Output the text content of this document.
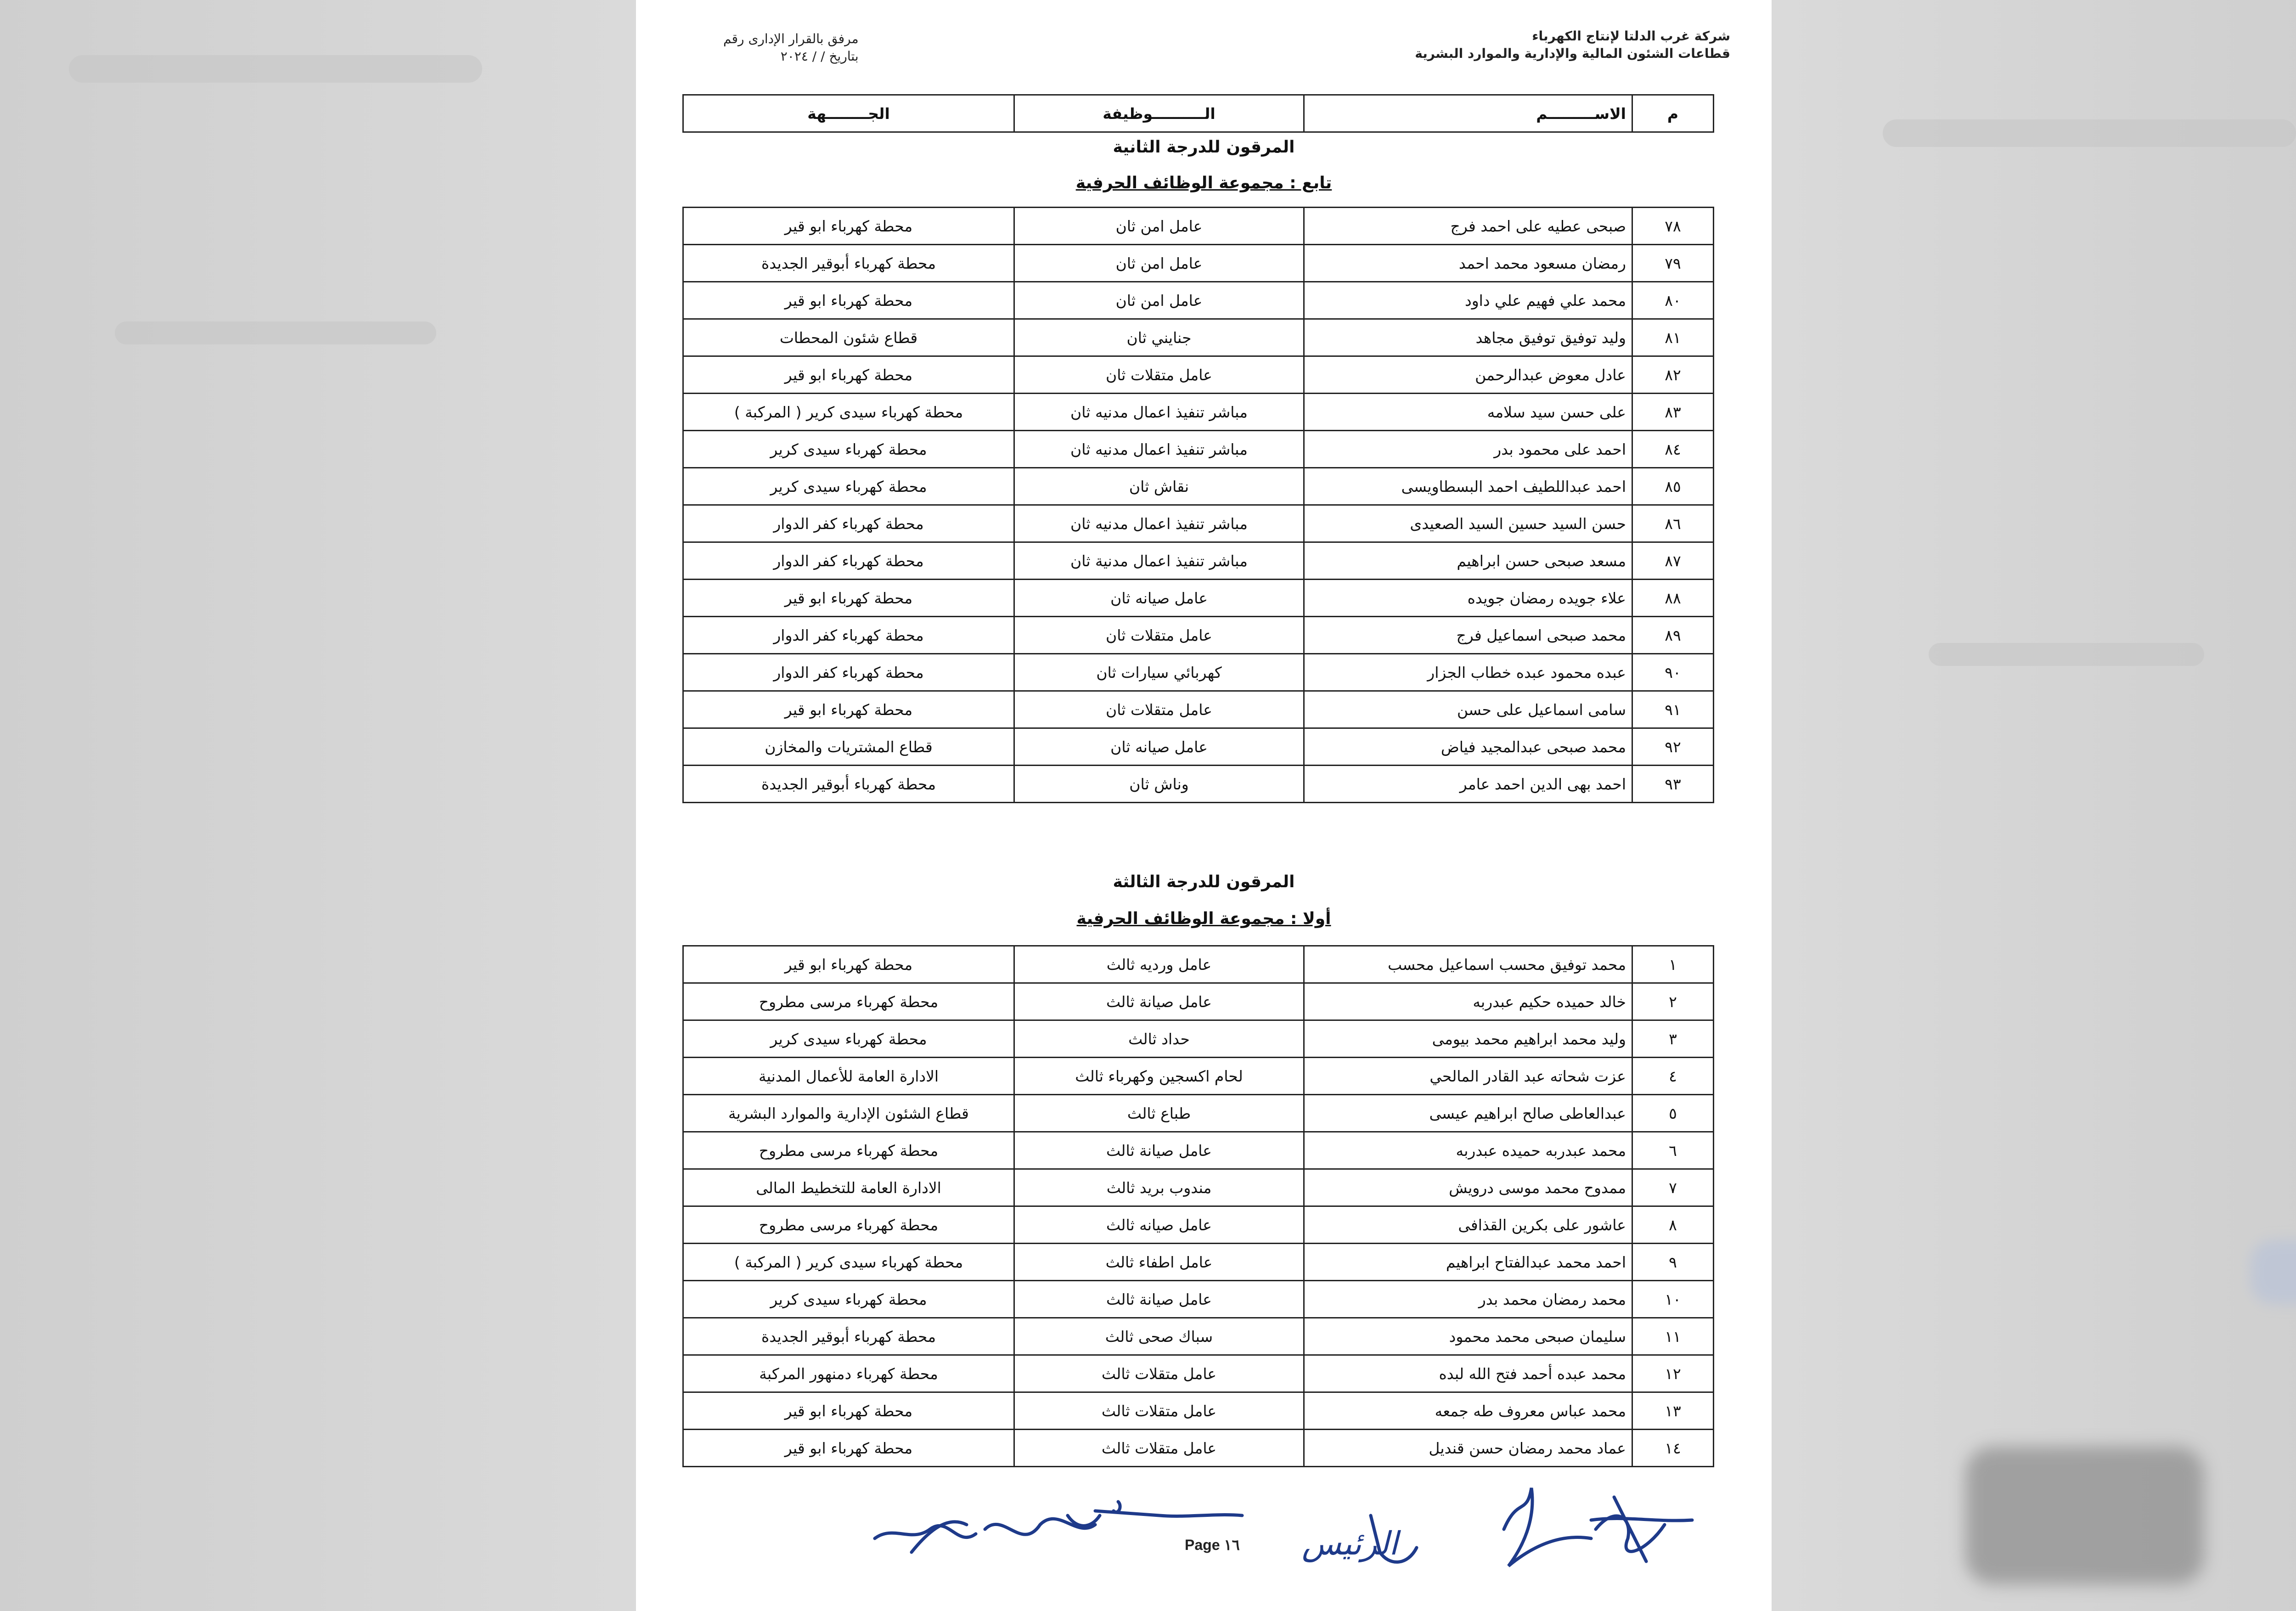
شركة غرب الدلتا لإنتاج الكهرباء
قطاعات الشئون المالية والإدارية والموارد البشرية
مرفق بالقرار الإدارى رقم
بتاريخ / / ٢٠٢٤
م	الاســـــــــم	الــــــــــوظيفة	الجــــــــهة
المرقون للدرجة الثانية
تابع : مجموعة الوظائف الحرفية
٧٨	صبحى عطيه على احمد فرج	عامل امن ثان	محطة كهرباء ابو قير
٧٩	رمضان مسعود محمد احمد	عامل امن ثان	محطة كهرباء أبوقير الجديدة
٨٠	محمد علي فهيم علي داود	عامل امن ثان	محطة كهرباء ابو قير
٨١	وليد توفيق توفيق مجاهد	جنايني ثان	قطاع شئون المحطات
٨٢	عادل معوض عبدالرحمن	عامل متقلات ثان	محطة كهرباء ابو قير
٨٣	على حسن سيد سلامه	مباشر تنفيذ اعمال مدنيه ثان	محطة كهرباء سيدى كرير ( المركبة )
٨٤	احمد على محمود بدر	مباشر تنفيذ اعمال مدنيه ثان	محطة كهرباء سيدى كرير
٨٥	احمد عبداللطيف احمد البسطاويسى	نقاش ثان	محطة كهرباء سيدى كرير
٨٦	حسن السيد حسين السيد الصعيدى	مباشر تنفيذ اعمال مدنيه ثان	محطة كهرباء كفر الدوار
٨٧	مسعد صبحى حسن ابراهيم	مباشر تنفيذ اعمال مدنية ثان	محطة كهرباء كفر الدوار
٨٨	علاء جويده رمضان جويده	عامل صيانه ثان	محطة كهرباء ابو قير
٨٩	محمد صبحى اسماعيل فرج	عامل متقلات ثان	محطة كهرباء كفر الدوار
٩٠	عبده محمود عبده خطاب الجزار	كهربائي سيارات ثان	محطة كهرباء كفر الدوار
٩١	سامى اسماعيل على حسن	عامل متقلات ثان	محطة كهرباء ابو قير
٩٢	محمد صبحى عبدالمجيد فياض	عامل صيانه ثان	قطاع المشتريات والمخازن
٩٣	احمد بهى الدين احمد عامر	وناش ثان	محطة كهرباء أبوقير الجديدة
المرقون للدرجة الثالثة
أولا : مجموعة الوظائف الحرفية
١	محمد توفيق محسب اسماعيل محسب	عامل ورديه ثالث	محطة كهرباء ابو قير
٢	خالد حميده حكيم عبدربه	عامل صيانة ثالث	محطة كهرباء مرسى مطروح
٣	وليد محمد ابراهيم محمد بيومى	حداد ثالث	محطة كهرباء سيدى كرير
٤	عزت شحاته عبد القادر المالحي	لحام اكسجين وكهرباء ثالث	الادارة العامة للأعمال المدنية
٥	عبدالعاطى صالح ابراهيم عيسى	طباع ثالث	قطاع الشئون الإدارية والموارد البشرية
٦	محمد عبدربه حميده عبدربه	عامل صيانة ثالث	محطة كهرباء مرسى مطروح
٧	ممدوح محمد موسى درويش	مندوب بريد ثالث	الادارة العامة للتخطيط المالى
٨	عاشور على بكرين القذافى	عامل صيانه ثالث	محطة كهرباء مرسى مطروح
٩	احمد محمد عبدالفتاح ابراهيم	عامل اطفاء ثالث	محطة كهرباء سيدى كرير ( المركبة )
١٠	محمد رمضان محمد بدر	عامل صيانة ثالث	محطة كهرباء سيدى كرير
١١	سليمان صبحى محمد محمود	سباك صحى ثالث	محطة كهرباء أبوقير الجديدة
١٢	محمد عبده أحمد فتح الله لبده	عامل متقلات ثالث	محطة كهرباء دمنهور المركبة
١٣	محمد عباس معروف طه جمعه	عامل متقلات ثالث	محطة كهرباء ابو قير
١٤	عماد محمد رمضان حسن قنديل	عامل متقلات ثالث	محطة كهرباء ابو قير
الرئيس
Page ١٦
